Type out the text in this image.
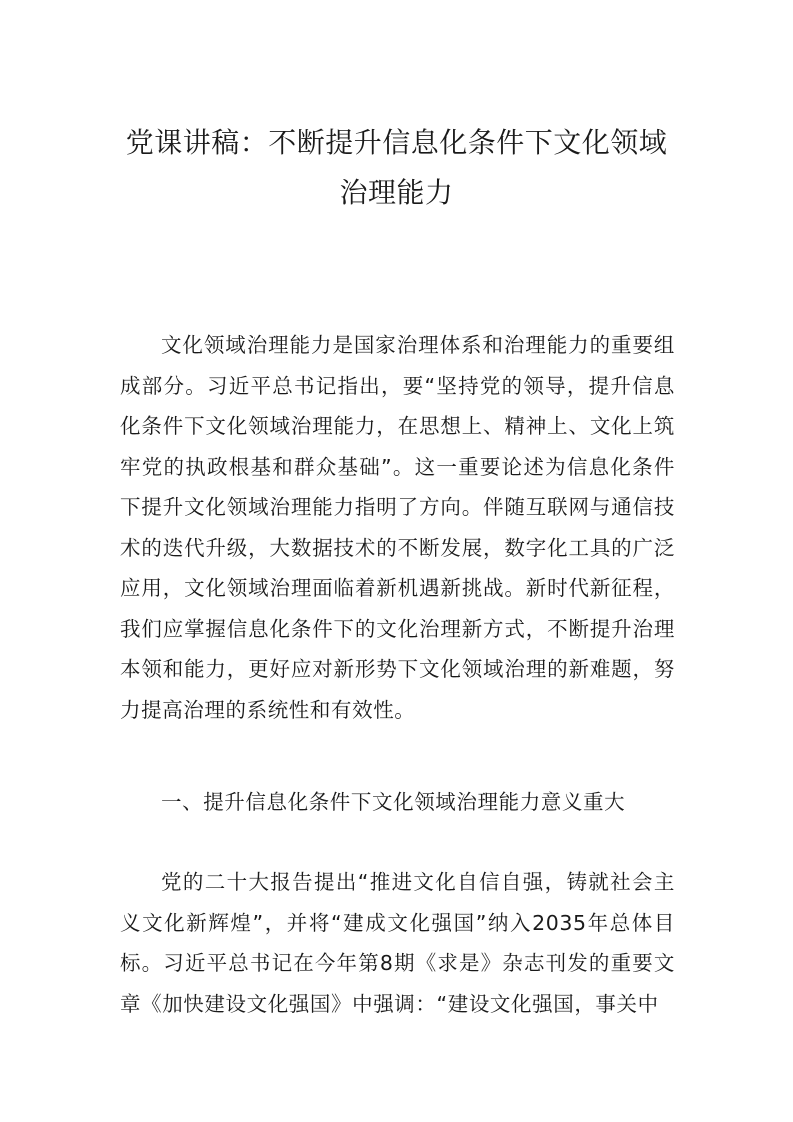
党课讲稿：不断提升信息化条件下文化领域
治理能力
文化领域治理能力是国家治理体系和治理能力的重要组成部分。习近平总书记指出，要“坚持党的领导，提升信息化条件下文化领域治理能力，在思想上、精神上、文化上筑牢党的执政根基和群众基础”。这一重要论述为信息化条件下提升文化领域治理能力指明了方向。伴随互联网与通信技术的迭代升级，大数据技术的不断发展，数字化工具的广泛应用，文化领域治理面临着新机遇新挑战。新时代新征程，我们应掌握信息化条件下的文化治理新方式，不断提升治理本领和能力，更好应对新形势下文化领域治理的新难题，努力提高治理的系统性和有效性。
一、提升信息化条件下文化领域治理能力意义重大
党的二十大报告提出“推进文化自信自强，铸就社会主义文化新辉煌”，并将“建成文化强国”纳入2035年总体目标。习近平总书记在今年第8期《求是》杂志刊发的重要文章《加快建设文化强国》中强调：“建设文化强国，事关中
